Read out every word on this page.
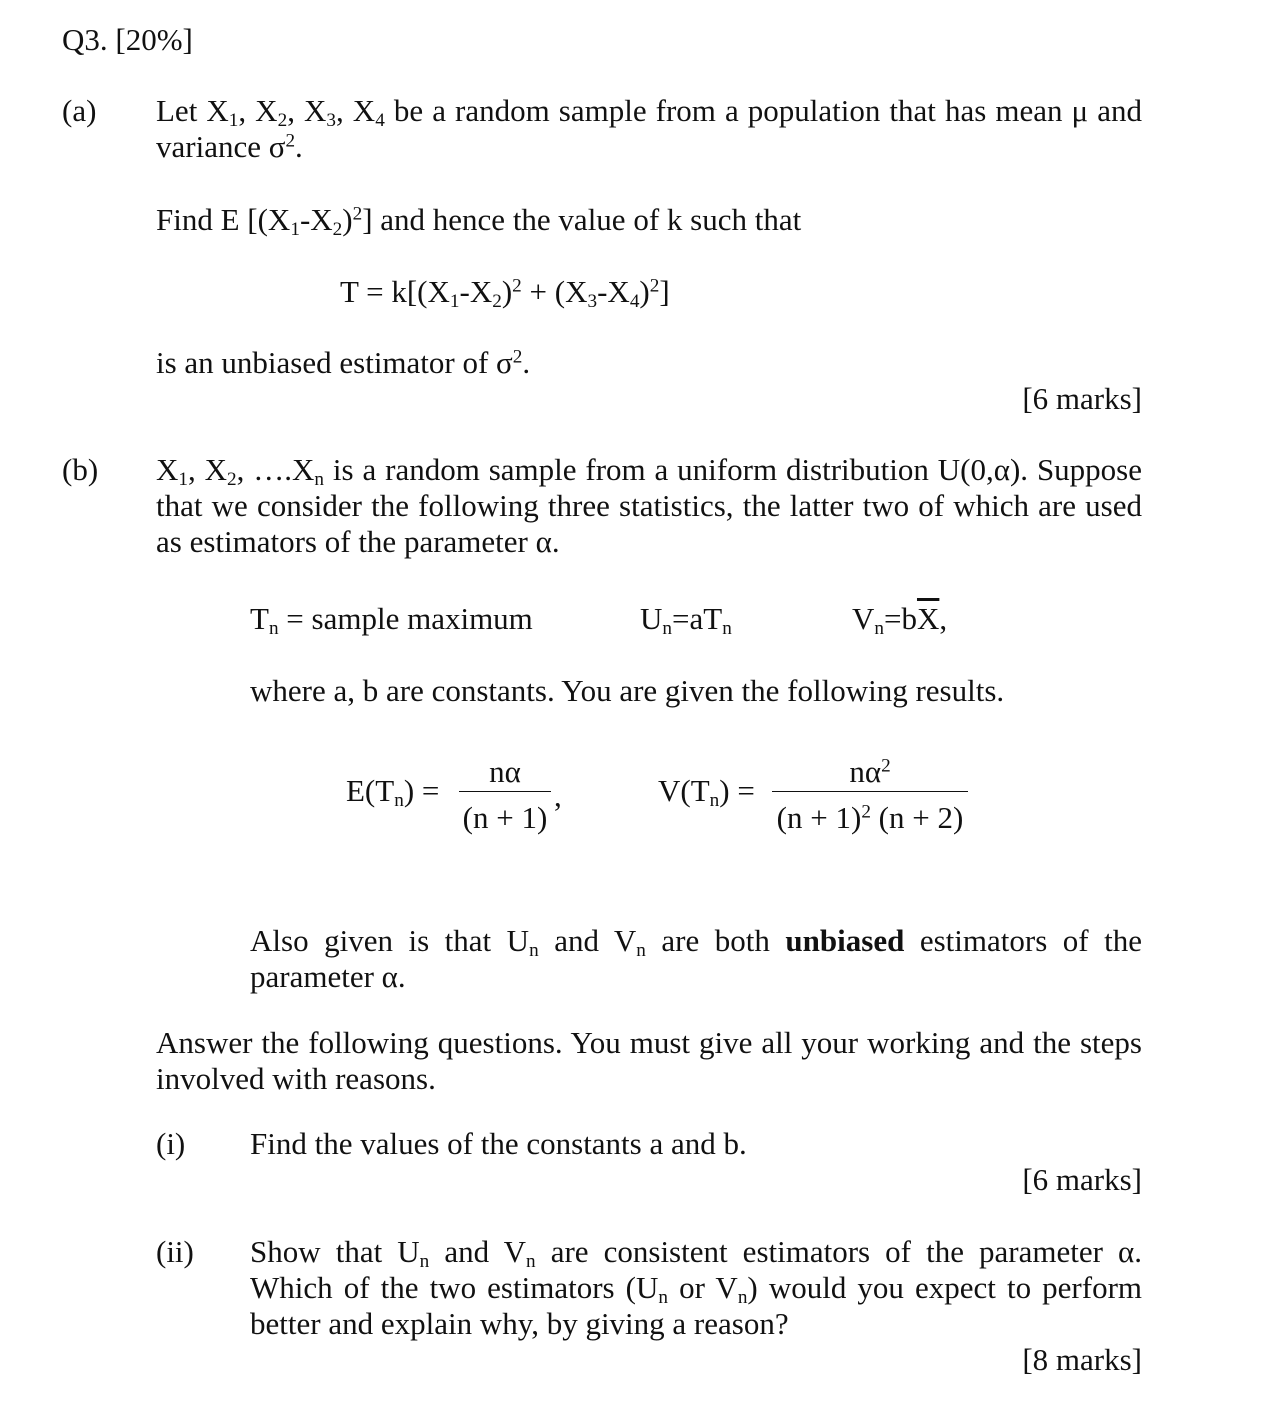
Q3. [20%]
(a) Let $X_1$, $X_2$, $X_3$, $X_4$ be a random sample from a population that has mean μ and variance $\sigma^2$.
Find E $[(X_1-X_2)^2]$ and hence the value of k such that
$T = k[(X_1-X_2)^2 + (X_3-X_4)^2]$
is an unbiased estimator of $\sigma^2$.
[6 marks]
(b) $X_1$, $X_2$, $\dots.X_n$ is a random sample from a uniform distribution U(0,α). Suppose that we consider the following three statistics, the latter two of which are used as estimators of the parameter α.
$T_n$ = sample maximum	$U_n=aT_n$	$V_n=b\overline{X}$,
where a, b are constants. You are given the following results.
$E(T_n)$ =
nα
(n + 1)
,	$V(T_n)$ =
$n\alpha^2$
$(n + 1)^2$ (n + 2)
Also given is that $U_n$ and $V_n$ are both unbiased estimators of the parameter α.
Answer the following questions. You must give all your working and the steps involved with reasons.
(i) Find the values of the constants a and b.
[6 marks]
(ii) Show that $U_n$ and $V_n$ are consistent estimators of the parameter α. Which of the two estimators ($U_n$ or $V_n$) would you expect to perform better and explain why, by giving a reason?
[8 marks]
